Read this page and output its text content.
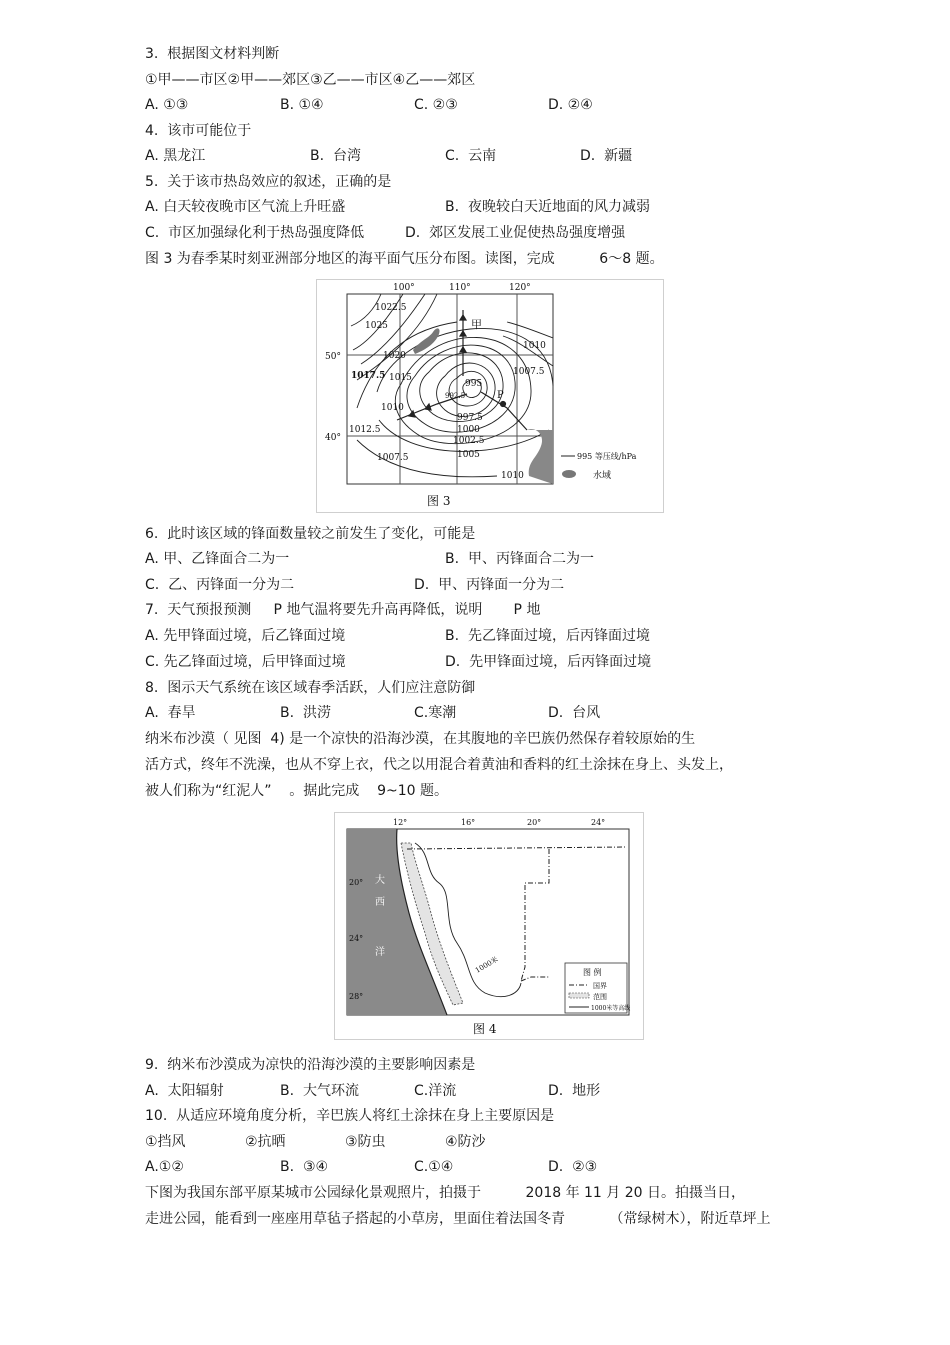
3.  根据图文材料判断
①甲——市区②甲——郊区③乙——市区④乙——郊区
A. ①③	B. ①④	C. ②③	D. ②④
4.  该市可能位于
A. 黑龙江	B.  台湾	C.  云南	D.  新疆
5.  关于该市热岛效应的叙述，正确的是
A. 白天较夜晚市区气流上升旺盛	B.  夜晚较白天近地面的风力减弱
C.  市区加强绿化利于热岛强度降低	D.  郊区发展工业促使热岛强度增强
图 3 为春季某时刻亚洲部分地区的海平面气压分布图。读图，完成          6～8 题。
100°	110°	120°
50°
40°
1022.5
1025
1020
1017.5 1015
1010
1012.5
1007.5
997.5
1000
1002.5
1005
995
992.5
1010
1007.5
1010
甲
P
995 等压线/hPa
水域
图 3
6.  此时该区域的锋面数量较之前发生了变化，可能是
A. 甲、乙锋面合二为一	B.  甲、丙锋面合二为一
C.  乙、丙锋面一分为二	D.  甲、丙锋面一分为二
7.  天气预报预测     P 地气温将要先升高再降低，说明       P 地
A. 先甲锋面过境，后乙锋面过境	B.  先乙锋面过境，后丙锋面过境
C. 先乙锋面过境，后甲锋面过境	D.  先甲锋面过境，后丙锋面过境
8.  图示天气系统在该区域春季活跃，人们应注意防御
A.  春旱	B.  洪涝	C.寒潮	D.  台风
纳米布沙漠（ 见图  4) 是一个凉快的沿海沙漠，在其腹地的辛巴族仍然保存着较原始的生
活方式，终年不洗澡，也从不穿上衣，代之以用混合着黄油和香料的红土涂抹在身上、头发上，
被人们称为“红泥人”    。据此完成    9~10 题。
12°	16°	20°	24°
20°
24°
28°
大
西
洋
1000米	图 例
国界
范围
1000米等高线
图 4
9.  纳米布沙漠成为凉快的沿海沙漠的主要影响因素是
A.  太阳辐射	B.  大气环流	C.洋流	D.  地形
10.  从适应环境角度分析，辛巴族人将红土涂抹在身上主要原因是
①挡风	②抗晒	③防虫	④防沙
A.①②	B.  ③④	C.①④	D.  ②③
下图为我国东部平原某城市公园绿化景观照片，拍摄于          2018 年 11 月 20 日。拍摄当日，
走进公园，能看到一座座用草毡子搭起的小草房，里面住着法国冬青          （常绿树木），附近草坪上
